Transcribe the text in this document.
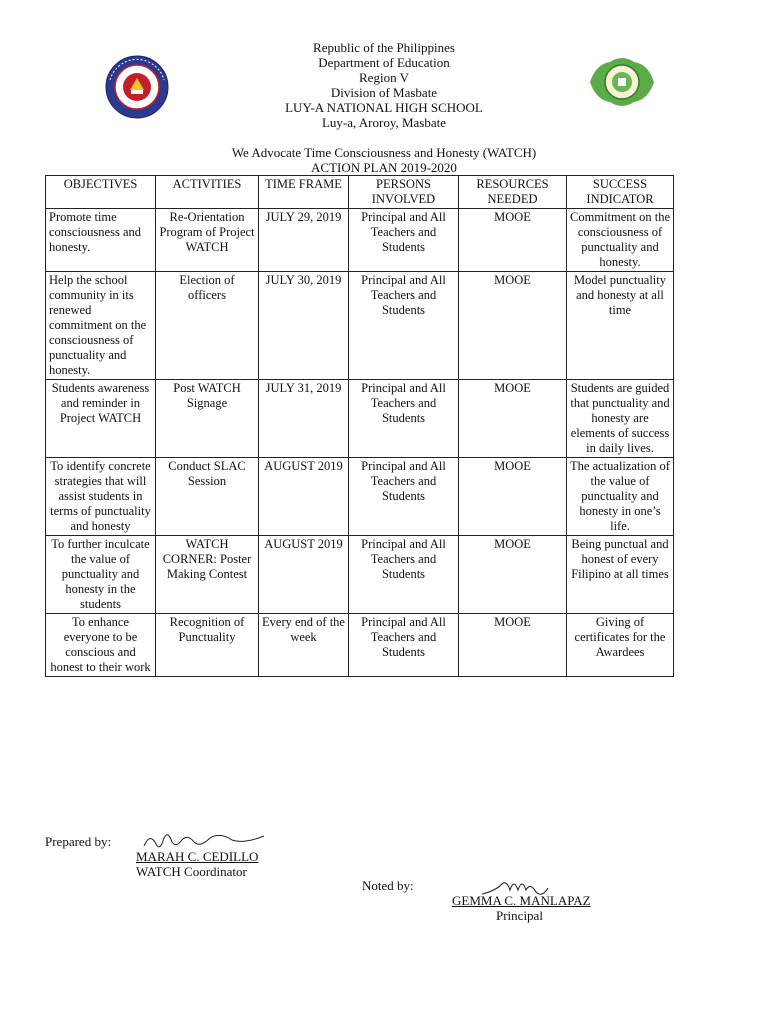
Republic of the Philippines
Department of Education
Region V
Division of Masbate
LUY-A NATIONAL HIGH SCHOOL
Luy-a, Aroroy, Masbate
We Advocate Time Consciousness and Honesty (WATCH)
ACTION PLAN 2019-2020
OBJECTIVES	ACTIVITIES	TIME FRAME	PERSONS INVOLVED	RESOURCES NEEDED	SUCCESS INDICATOR
Promote time consciousness and honesty.	Re-Orientation Program of Project WATCH	JULY 29, 2019	Principal and All Teachers and Students	MOOE	Commitment on the consciousness of punctuality and honesty.
Help the school community in its renewed commitment on the consciousness of punctuality and honesty.	Election of officers	JULY 30, 2019	Principal and All Teachers and Students	MOOE	Model punctuality and honesty at all time
Students awareness and reminder in Project WATCH	Post WATCH Signage	JULY 31, 2019	Principal and All Teachers and Students	MOOE	Students are guided that punctuality and honesty are elements of success in daily lives.
To identify concrete strategies that will assist students in terms of punctuality and honesty	Conduct SLAC Session	AUGUST 2019	Principal and All Teachers and Students	MOOE	The actualization of the value of punctuality and honesty in one’s life.
To further inculcate the value of punctuality and honesty in the students	WATCH CORNER: Poster Making Contest	AUGUST 2019	Principal and All Teachers and Students	MOOE	Being punctual and honest of every Filipino at all times
To enhance everyone to be conscious and honest to their work	Recognition of Punctuality	Every end of the week	Principal and All Teachers and Students	MOOE	Giving of certificates for the Awardees
Prepared by:
MARAH C. CEDILLO
WATCH Coordinator
Noted by:
GEMMA C. MANLAPAZ
Principal
